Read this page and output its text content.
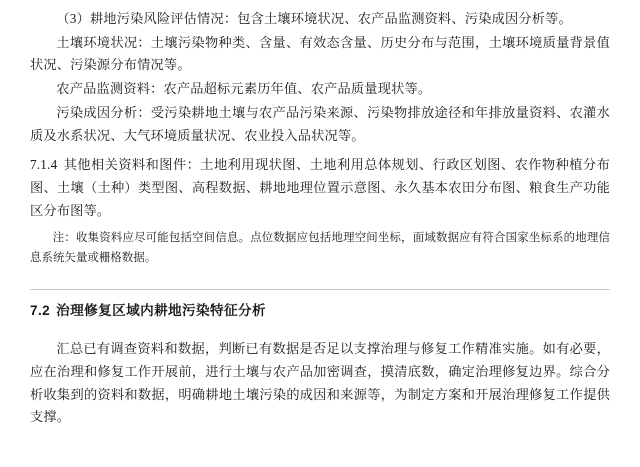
（3）耕地污染风险评估情况：包含土壤环境状况、农产品监测资料、污染成因分析等。

土壤环境状况：土壤污染物种类、含量、有效态含量、历史分布与范围，土壤环境质量背景值状况、污染源分布情况等。

农产品监测资料：农产品超标元素历年值、农产品质量现状等。

污染成因分析：受污染耕地土壤与农产品污染来源、污染物排放途径和年排放量资料、农灌水质及水系状况、大气环境质量状况、农业投入品状况等。

7.1.4 其他相关资料和图件：土地利用现状图、土地利用总体规划、行政区划图、农作物种植分布图、土壤（土种）类型图、高程数据、耕地地理位置示意图、永久基本农田分布图、粮食生产功能区分布图等。

注：收集资料应尽可能包括空间信息。点位数据应包括地理空间坐标，面域数据应有符合国家坐标系的地理信息系统矢量或栅格数据。

7.2 治理修复区域内耕地污染特征分析

汇总已有调查资料和数据，判断已有数据是否足以支撑治理与修复工作精准实施。如有必要，应在治理和修复工作开展前，进行土壤与农产品加密调查，摸清底数，确定治理修复边界。综合分析收集到的资料和数据，明确耕地土壤污染的成因和来源等，为制定方案和开展治理修复工作提供支撑。
